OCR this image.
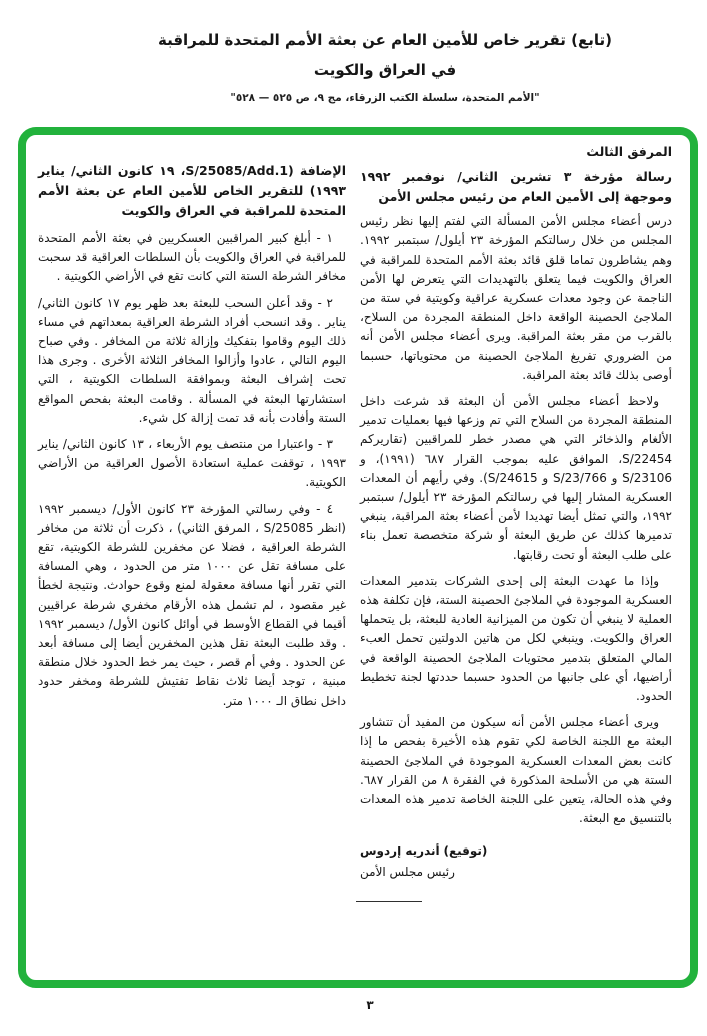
(تابع) تقرير خاص للأمين العام عن بعثة الأمم المتحدة للمراقبة
في العراق والكويت
"الأمم المتحدة، سلسلة الكتب الزرقاء، مج ٩، ص ٥٢٥ — ٥٢٨"
المرفق الثالث
رسالة مؤرخة ٣ تشرين الثاني/ نوفمبر ١٩٩٢ وموجهة إلى الأمين العام من رئيس مجلس الأمن

درس أعضاء مجلس الأمن المسألة التي لفتم إليها نظر رئيس المجلس من خلال رسالتكم المؤرخة ٢٣ أيلول/ سبتمبر ١٩٩٢. وهم يشاطرون تماما قلق قائد بعثة الأمم المتحدة للمراقبة في العراق والكويت فيما يتعلق بالتهديدات التي يتعرض لها الأمن الناجمة عن وجود معدات عسكرية عراقية وكويتية في ستة من الملاجئ الحصينة الواقعة داخل المنطقة المجردة من السلاح، بالقرب من مقر بعثة المراقبة. ويرى أعضاء مجلس الأمن أنه من الضروري تفريغ الملاجئ الحصينة من محتوياتها، حسبما أوصى بذلك قائد بعثة المراقبة.

ولاحظ أعضاء مجلس الأمن أن البعثة قد شرعت داخل المنطقة المجردة من السلاح التي تم وزعها فيها بعمليات تدمير الألغام والذخائر التي هي مصدر خطر للمراقبين (تقاريركم S/22454، الموافق عليه بموجب القرار ٦٨٧ (١٩٩١)، و S/23106 و S/23/766 و S/24615). وفي رأيهم أن المعدات العسكرية المشار إليها في رسالتكم المؤرخة ٢٣ أيلول/ سبتمبر ١٩٩٢، والتي تمثل أيضا تهديدا لأمن أعضاء بعثة المراقبة، ينبغي تدميرها كذلك عن طريق البعثة أو شركة متخصصة تعمل بناء على طلب البعثة أو تحت رقابتها.

وإذا ما عهدت البعثة إلى إحدى الشركات بتدمير المعدات العسكرية الموجودة في الملاجئ الحصينة الستة، فإن تكلفة هذه العملية لا ينبغي أن تكون من الميزانية العادية للبعثة، بل يتحملها العراق والكويت. وينبغي لكل من هاتين الدولتين تحمل العبء المالي المتعلق بتدمير محتويات الملاجئ الحصينة الواقعة في أراضيها، أي على جانبها من الحدود حسبما حددتها لجنة تخطيط الحدود.

ويرى أعضاء مجلس الأمن أنه سيكون من المفيد أن تتشاور البعثة مع اللجنة الخاصة لكي تقوم هذه الأخيرة بفحص ما إذا كانت بعض المعدات العسكرية الموجودة في الملاجئ الحصينة الستة هي من الأسلحة المذكورة في الفقرة ٨ من القرار ٦٨٧. وفي هذه الحالة، يتعين على اللجنة الخاصة تدمير هذه المعدات بالتنسيق مع البعثة.

(توقيع) أندريه إردوس
رئيس مجلس الأمن
الإضافة (S/25085/Add.1، ١٩ كانون الثاني/ يناير ١٩٩٣) للتقرير الخاص للأمين العام عن بعثة الأمم المتحدة للمراقبة في العراق والكويت

١ - أبلغ كبير المراقبين العسكريين في بعثة الأمم المتحدة للمراقبة في العراق والكويت بأن السلطات العراقية قد سحبت مخافر الشرطة الستة التي كانت تقع في الأراضي الكويتية .

٢ - وقد أعلن السحب للبعثة بعد ظهر يوم ١٧ كانون الثاني/ يناير . وقد انسحب أفراد الشرطة العراقية بمعداتهم في مساء ذلك اليوم وقاموا بتفكيك وإزالة ثلاثة من المخافر . وفي صباح اليوم التالي ، عادوا وأزالوا المخافر الثلاثة الأخرى . وجرى هذا تحت إشراف البعثة وبموافقة السلطات الكويتية ، التي استشارتها البعثة في المسألة . وقامت البعثة بفحص المواقع الستة وأفادت بأنه قد تمت إزالة كل شيء.

٣ - واعتبارا من منتصف يوم الأربعاء ، ١٣ كانون الثاني/ يناير ١٩٩٣ ، توقفت عملية استعادة الأصول العراقية من الأراضي الكويتية.

٤ - وفي رسالتي المؤرخة ٢٣ كانون الأول/ ديسمبر ١٩٩٢ (انظر S/25085 ، المرفق الثاني) ، ذكرت أن ثلاثة من مخافر الشرطة العراقية ، فضلا عن مخفرين للشرطة الكويتية، تقع على مسافة تقل عن ١٠٠٠ متر من الحدود ، وهي المسافة التي تقرر أنها مسافة معقولة لمنع وقوع حوادث. ونتيجة لخطأ غير مقصود ، لم تشمل هذه الأرقام مخفري شرطة عراقيين أقيما في القطاع الأوسط في أوائل كانون الأول/ ديسمبر ١٩٩٢ . وقد طلبت البعثة نقل هذين المخفرين أيضا إلى مسافة أبعد عن الحدود . وفي أم قصر ، حيث يمر خط الحدود خلال منطقة مبنية ، توجد أيضا ثلاث نقاط تفتيش للشرطة ومخفر حدود داخل نطاق الـ ١٠٠٠ متر.

٣
